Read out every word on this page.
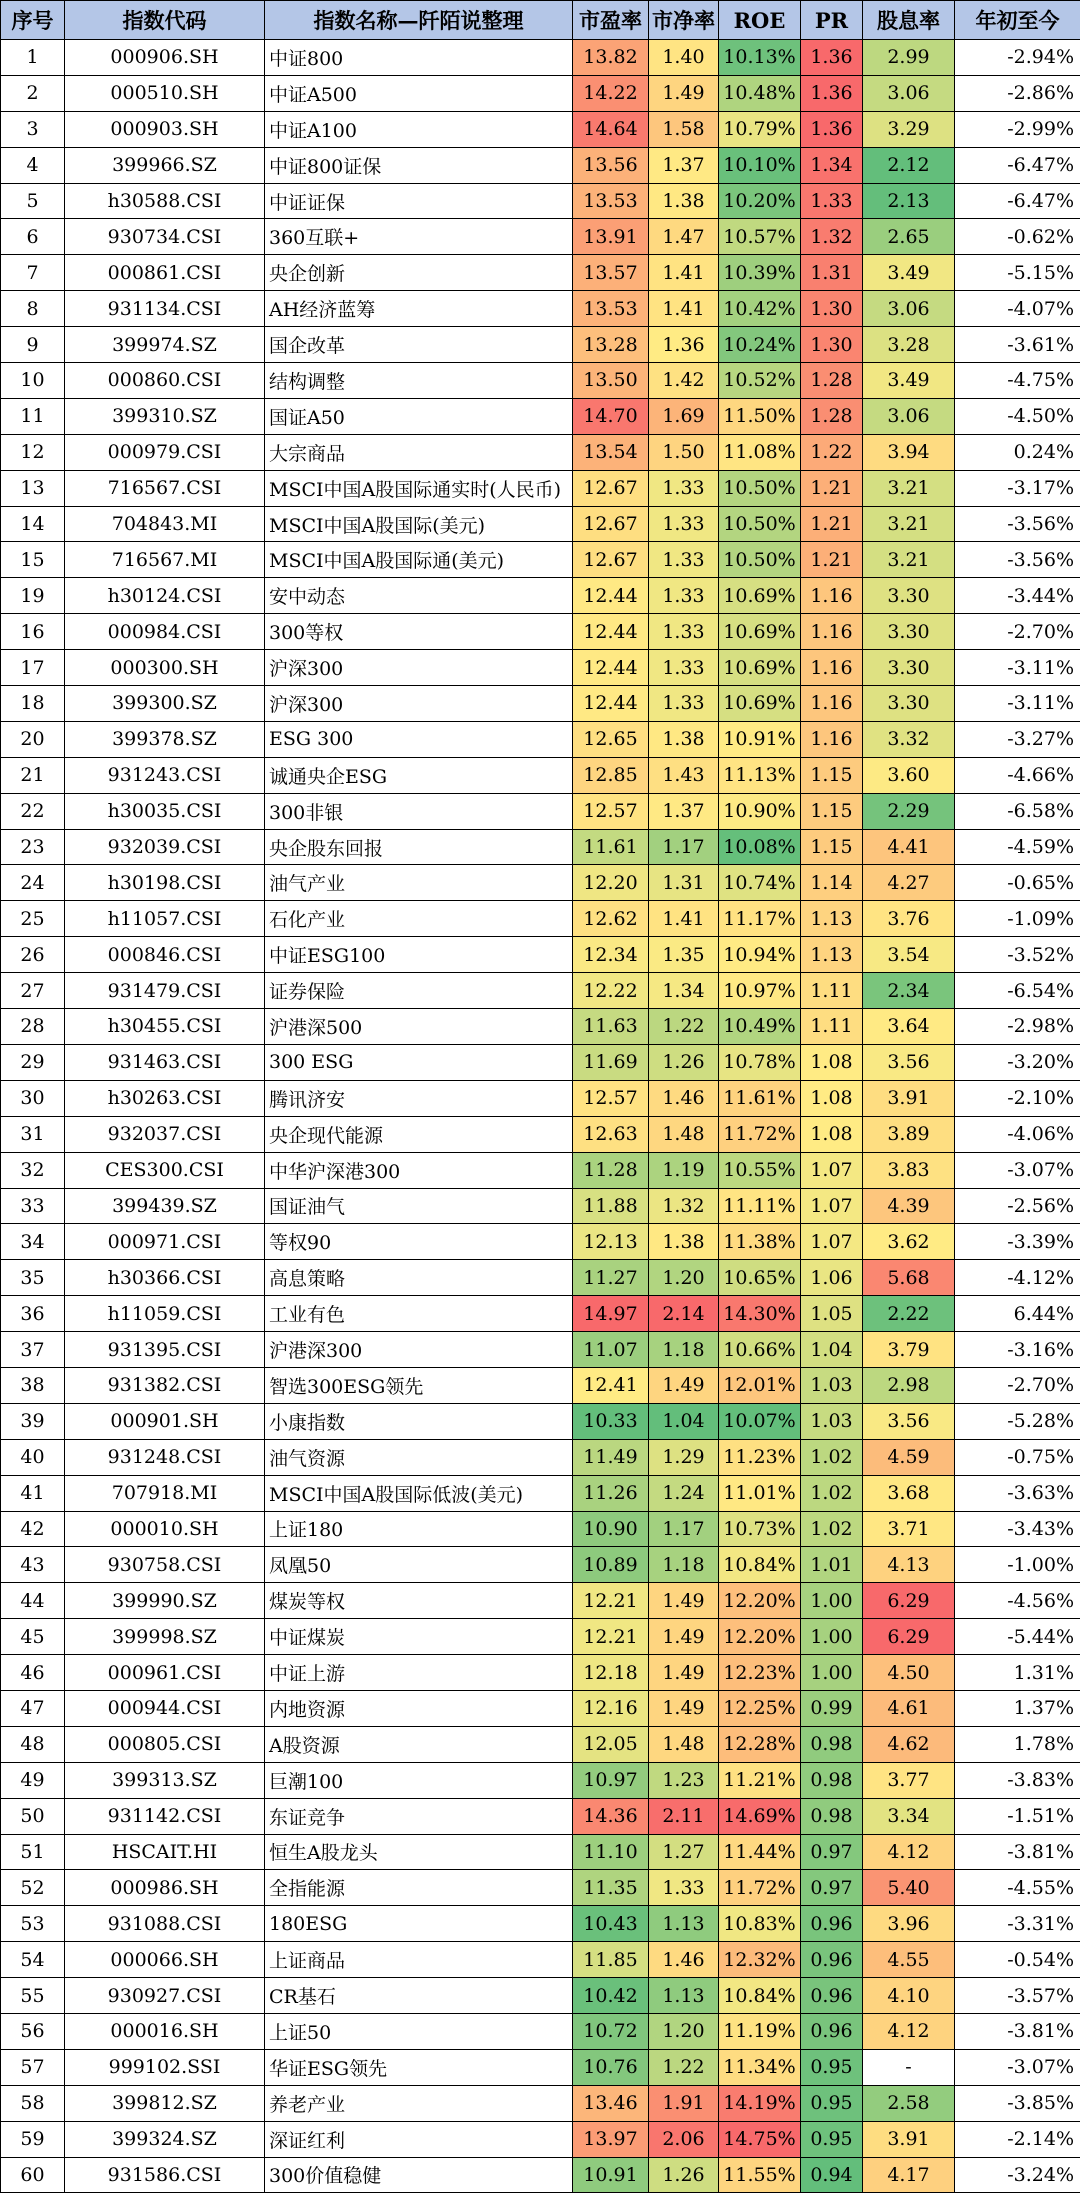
序号	指数代码	指数名称—阡陌说整理	市盈率	市净率	ROE	PR	股息率	年初至今
1	000906.SH	中证800	13.82	1.40	10.13%	1.36	2.99	-2.94%
2	000510.SH	中证A500	14.22	1.49	10.48%	1.36	3.06	-2.86%
3	000903.SH	中证A100	14.64	1.58	10.79%	1.36	3.29	-2.99%
4	399966.SZ	中证800证保	13.56	1.37	10.10%	1.34	2.12	-6.47%
5	h30588.CSI	中证证保	13.53	1.38	10.20%	1.33	2.13	-6.47%
6	930734.CSI	360互联+	13.91	1.47	10.57%	1.32	2.65	-0.62%
7	000861.CSI	央企创新	13.57	1.41	10.39%	1.31	3.49	-5.15%
8	931134.CSI	AH经济蓝筹	13.53	1.41	10.42%	1.30	3.06	-4.07%
9	399974.SZ	国企改革	13.28	1.36	10.24%	1.30	3.28	-3.61%
10	000860.CSI	结构调整	13.50	1.42	10.52%	1.28	3.49	-4.75%
11	399310.SZ	国证A50	14.70	1.69	11.50%	1.28	3.06	-4.50%
12	000979.CSI	大宗商品	13.54	1.50	11.08%	1.22	3.94	0.24%
13	716567.CSI	MSCI中国A股国际通实时(人民币)	12.67	1.33	10.50%	1.21	3.21	-3.17%
14	704843.MI	MSCI中国A股国际(美元)	12.67	1.33	10.50%	1.21	3.21	-3.56%
15	716567.MI	MSCI中国A股国际通(美元)	12.67	1.33	10.50%	1.21	3.21	-3.56%
19	h30124.CSI	安中动态	12.44	1.33	10.69%	1.16	3.30	-3.44%
16	000984.CSI	300等权	12.44	1.33	10.69%	1.16	3.30	-2.70%
17	000300.SH	沪深300	12.44	1.33	10.69%	1.16	3.30	-3.11%
18	399300.SZ	沪深300	12.44	1.33	10.69%	1.16	3.30	-3.11%
20	399378.SZ	ESG 300	12.65	1.38	10.91%	1.16	3.32	-3.27%
21	931243.CSI	诚通央企ESG	12.85	1.43	11.13%	1.15	3.60	-4.66%
22	h30035.CSI	300非银	12.57	1.37	10.90%	1.15	2.29	-6.58%
23	932039.CSI	央企股东回报	11.61	1.17	10.08%	1.15	4.41	-4.59%
24	h30198.CSI	油气产业	12.20	1.31	10.74%	1.14	4.27	-0.65%
25	h11057.CSI	石化产业	12.62	1.41	11.17%	1.13	3.76	-1.09%
26	000846.CSI	中证ESG100	12.34	1.35	10.94%	1.13	3.54	-3.52%
27	931479.CSI	证券保险	12.22	1.34	10.97%	1.11	2.34	-6.54%
28	h30455.CSI	沪港深500	11.63	1.22	10.49%	1.11	3.64	-2.98%
29	931463.CSI	300 ESG	11.69	1.26	10.78%	1.08	3.56	-3.20%
30	h30263.CSI	腾讯济安	12.57	1.46	11.61%	1.08	3.91	-2.10%
31	932037.CSI	央企现代能源	12.63	1.48	11.72%	1.08	3.89	-4.06%
32	CES300.CSI	中华沪深港300	11.28	1.19	10.55%	1.07	3.83	-3.07%
33	399439.SZ	国证油气	11.88	1.32	11.11%	1.07	4.39	-2.56%
34	000971.CSI	等权90	12.13	1.38	11.38%	1.07	3.62	-3.39%
35	h30366.CSI	高息策略	11.27	1.20	10.65%	1.06	5.68	-4.12%
36	h11059.CSI	工业有色	14.97	2.14	14.30%	1.05	2.22	6.44%
37	931395.CSI	沪港深300	11.07	1.18	10.66%	1.04	3.79	-3.16%
38	931382.CSI	智选300ESG领先	12.41	1.49	12.01%	1.03	2.98	-2.70%
39	000901.SH	小康指数	10.33	1.04	10.07%	1.03	3.56	-5.28%
40	931248.CSI	油气资源	11.49	1.29	11.23%	1.02	4.59	-0.75%
41	707918.MI	MSCI中国A股国际低波(美元)	11.26	1.24	11.01%	1.02	3.68	-3.63%
42	000010.SH	上证180	10.90	1.17	10.73%	1.02	3.71	-3.43%
43	930758.CSI	凤凰50	10.89	1.18	10.84%	1.01	4.13	-1.00%
44	399990.SZ	煤炭等权	12.21	1.49	12.20%	1.00	6.29	-4.56%
45	399998.SZ	中证煤炭	12.21	1.49	12.20%	1.00	6.29	-5.44%
46	000961.CSI	中证上游	12.18	1.49	12.23%	1.00	4.50	1.31%
47	000944.CSI	内地资源	12.16	1.49	12.25%	0.99	4.61	1.37%
48	000805.CSI	A股资源	12.05	1.48	12.28%	0.98	4.62	1.78%
49	399313.SZ	巨潮100	10.97	1.23	11.21%	0.98	3.77	-3.83%
50	931142.CSI	东证竞争	14.36	2.11	14.69%	0.98	3.34	-1.51%
51	HSCAIT.HI	恒生A股龙头	11.10	1.27	11.44%	0.97	4.12	-3.81%
52	000986.SH	全指能源	11.35	1.33	11.72%	0.97	5.40	-4.55%
53	931088.CSI	180ESG	10.43	1.13	10.83%	0.96	3.96	-3.31%
54	000066.SH	上证商品	11.85	1.46	12.32%	0.96	4.55	-0.54%
55	930927.CSI	CR基石	10.42	1.13	10.84%	0.96	4.10	-3.57%
56	000016.SH	上证50	10.72	1.20	11.19%	0.96	4.12	-3.81%
57	999102.SSI	华证ESG领先	10.76	1.22	11.34%	0.95	-	-3.07%
58	399812.SZ	养老产业	13.46	1.91	14.19%	0.95	2.58	-3.85%
59	399324.SZ	深证红利	13.97	2.06	14.75%	0.95	3.91	-2.14%
60	931586.CSI	300价值稳健	10.91	1.26	11.55%	0.94	4.17	-3.24%
